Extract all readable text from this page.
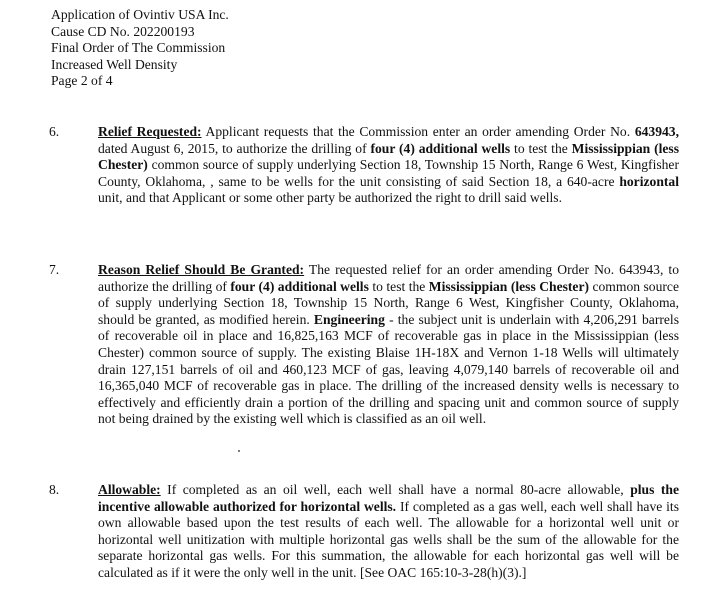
Application of Ovintiv USA Inc.
Cause CD No. 202200193
Final Order of The Commission
Increased Well Density
Page 2 of 4
6.	Relief Requested: Applicant requests that the Commission enter an order amending Order No. 643943, dated August 6, 2015, to authorize the drilling of four (4) additional wells to test the Mississippian (less Chester) common source of supply underlying Section 18, Township 15 North, Range 6 West, Kingfisher County, Oklahoma, , same to be wells for the unit consisting of said Section 18, a 640-acre horizontal unit, and that Applicant or some other party be authorized the right to drill said wells.
7.	Reason Relief Should Be Granted: The requested relief for an order amending Order No. 643943, to authorize the drilling of four (4) additional wells to test the Mississippian (less Chester) common source of supply underlying Section 18, Township 15 North, Range 6 West, Kingfisher County, Oklahoma, should be granted, as modified herein. Engineering - the subject unit is underlain with 4,206,291 barrels of recoverable oil in place and 16,825,163 MCF of recoverable gas in place in the Mississippian (less Chester) common source of supply. The existing Blaise 1H-18X and Vernon 1-18 Wells will ultimately drain 127,151 barrels of oil and 460,123 MCF of gas, leaving 4,079,140 barrels of recoverable oil and 16,365,040 MCF of recoverable gas in place. The drilling of the increased density wells is necessary to effectively and efficiently drain a portion of the drilling and spacing unit and common source of supply not being drained by the existing well which is classified as an oil well.
8.	Allowable: If completed as an oil well, each well shall have a normal 80-acre allowable, plus the incentive allowable authorized for horizontal wells. If completed as a gas well, each well shall have its own allowable based upon the test results of each well. The allowable for a horizontal well unit or horizontal well unitization with multiple horizontal gas wells shall be the sum of the allowable for the separate horizontal gas wells. For this summation, the allowable for each horizontal gas well will be calculated as if it were the only well in the unit. [See OAC 165:10-3-28(h)(3).]
